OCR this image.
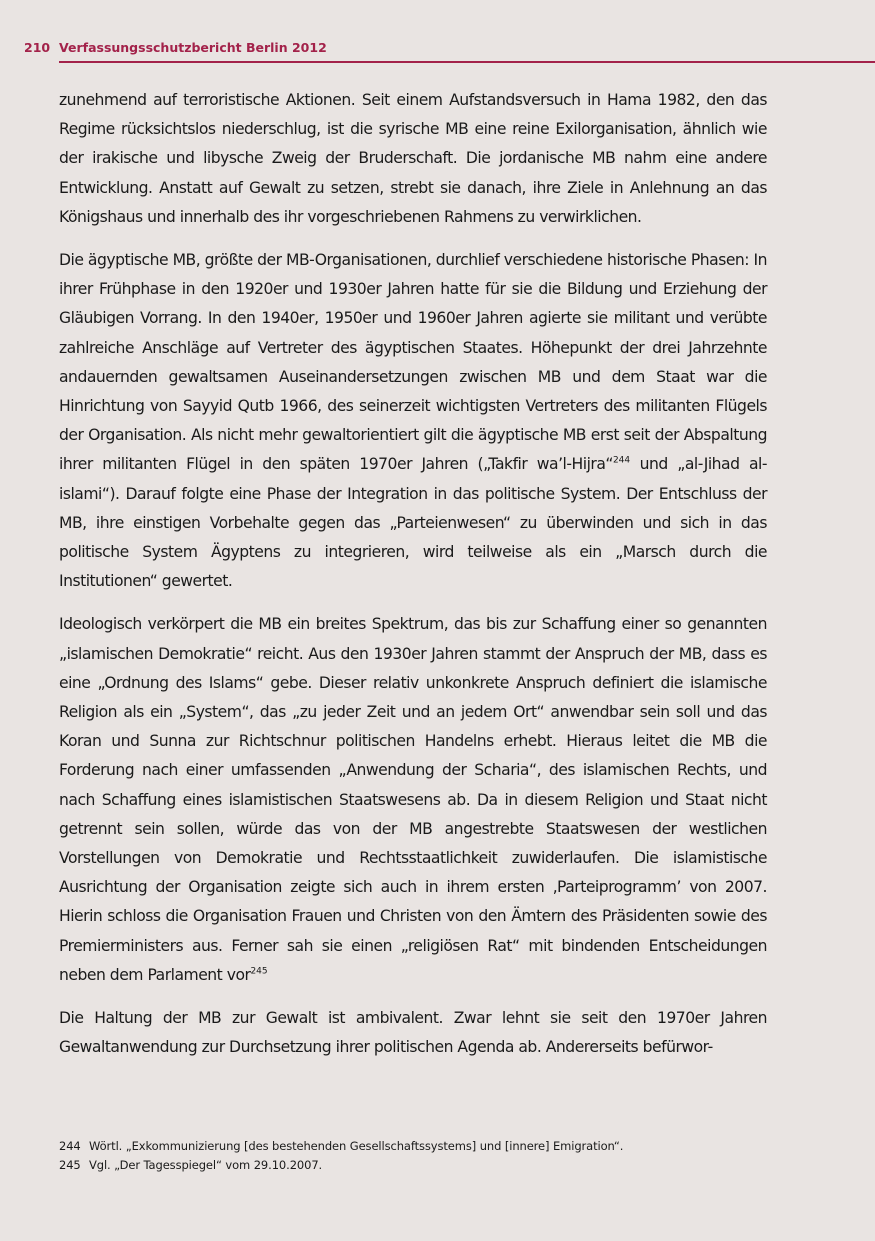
210 Verfassungsschutzbericht Berlin 2012

zunehmend auf terroristische Aktionen. Seit einem Aufstandsversuch in Hama 1982, den das Regime rücksichtslos niederschlug, ist die syrische MB eine reine Exilorganisation, ähnlich wie der irakische und libysche Zweig der Bruderschaft. Die jordanische MB nahm eine andere Entwicklung. Anstatt auf Gewalt zu setzen, strebt sie danach, ihre Ziele in Anlehnung an das Königshaus und innerhalb des ihr vorgeschriebenen Rahmens zu verwirklichen.

Die ägyptische MB, größte der MB-Organisationen, durchlief verschiedene historische Phasen: In ihrer Frühphase in den 1920er und 1930er Jahren hatte für sie die Bildung und Erziehung der Gläubigen Vorrang. In den 1940er, 1950er und 1960er Jahren agierte sie militant und verübte zahlreiche Anschläge auf Vertreter des ägyptischen Staates. Höhepunkt der drei Jahrzehnte andauernden gewaltsamen Auseinandersetzungen zwischen MB und dem Staat war die Hinrichtung von Sayyid Qutb 1966, des seinerzeit wichtigsten Vertreters des militanten Flügels der Organisation. Als nicht mehr gewaltorientiert gilt die ägyptische MB erst seit der Abspaltung ihrer militanten Flügel in den späten 1970er Jahren („Takfir wa’l-Hijra“$^{244}$ und „al-Jihad al-islami“). Darauf folgte eine Phase der Integration in das politische System. Der Entschluss der MB, ihre einstigen Vorbehalte gegen das „Parteienwesen“ zu überwinden und sich in das politische System Ägyptens zu integrieren, wird teilweise als ein „Marsch durch die Institutionen“ gewertet.

Ideologisch verkörpert die MB ein breites Spektrum, das bis zur Schaffung einer so genannten „islamischen Demokratie“ reicht. Aus den 1930er Jahren stammt der Anspruch der MB, dass es eine „Ordnung des Islams“ gebe. Dieser relativ unkonkrete Anspruch definiert die islamische Religion als ein „System“, das „zu jeder Zeit und an jedem Ort“ anwendbar sein soll und das Koran und Sunna zur Richtschnur politischen Handelns erhebt. Hieraus leitet die MB die Forderung nach einer umfassenden „Anwendung der Scharia“, des islamischen Rechts, und nach Schaffung eines islamistischen Staatswesens ab. Da in diesem Religion und Staat nicht getrennt sein sollen, würde das von der MB angestrebte Staatswesen der westlichen Vorstellungen von Demokratie und Rechtsstaatlichkeit zuwiderlaufen. Die islamistische Ausrichtung der Organisation zeigte sich auch in ihrem ersten ‚Parteiprogramm’ von 2007. Hierin schloss die Organisation Frauen und Christen von den Ämtern des Präsidenten sowie des Premierministers aus. Ferner sah sie einen „religiösen Rat“ mit bindenden Entscheidungen neben dem Parlament vor$^{245}$

Die Haltung der MB zur Gewalt ist ambivalent. Zwar lehnt sie seit den 1970er Jahren Gewaltanwendung zur Durchsetzung ihrer politischen Agenda ab. Andererseits befürwor-

244 Wörtl. „Exkommunizierung [des bestehenden Gesellschaftssystems] und [innere] Emigration“.
245 Vgl. „Der Tagesspiegel“ vom 29.10.2007.
